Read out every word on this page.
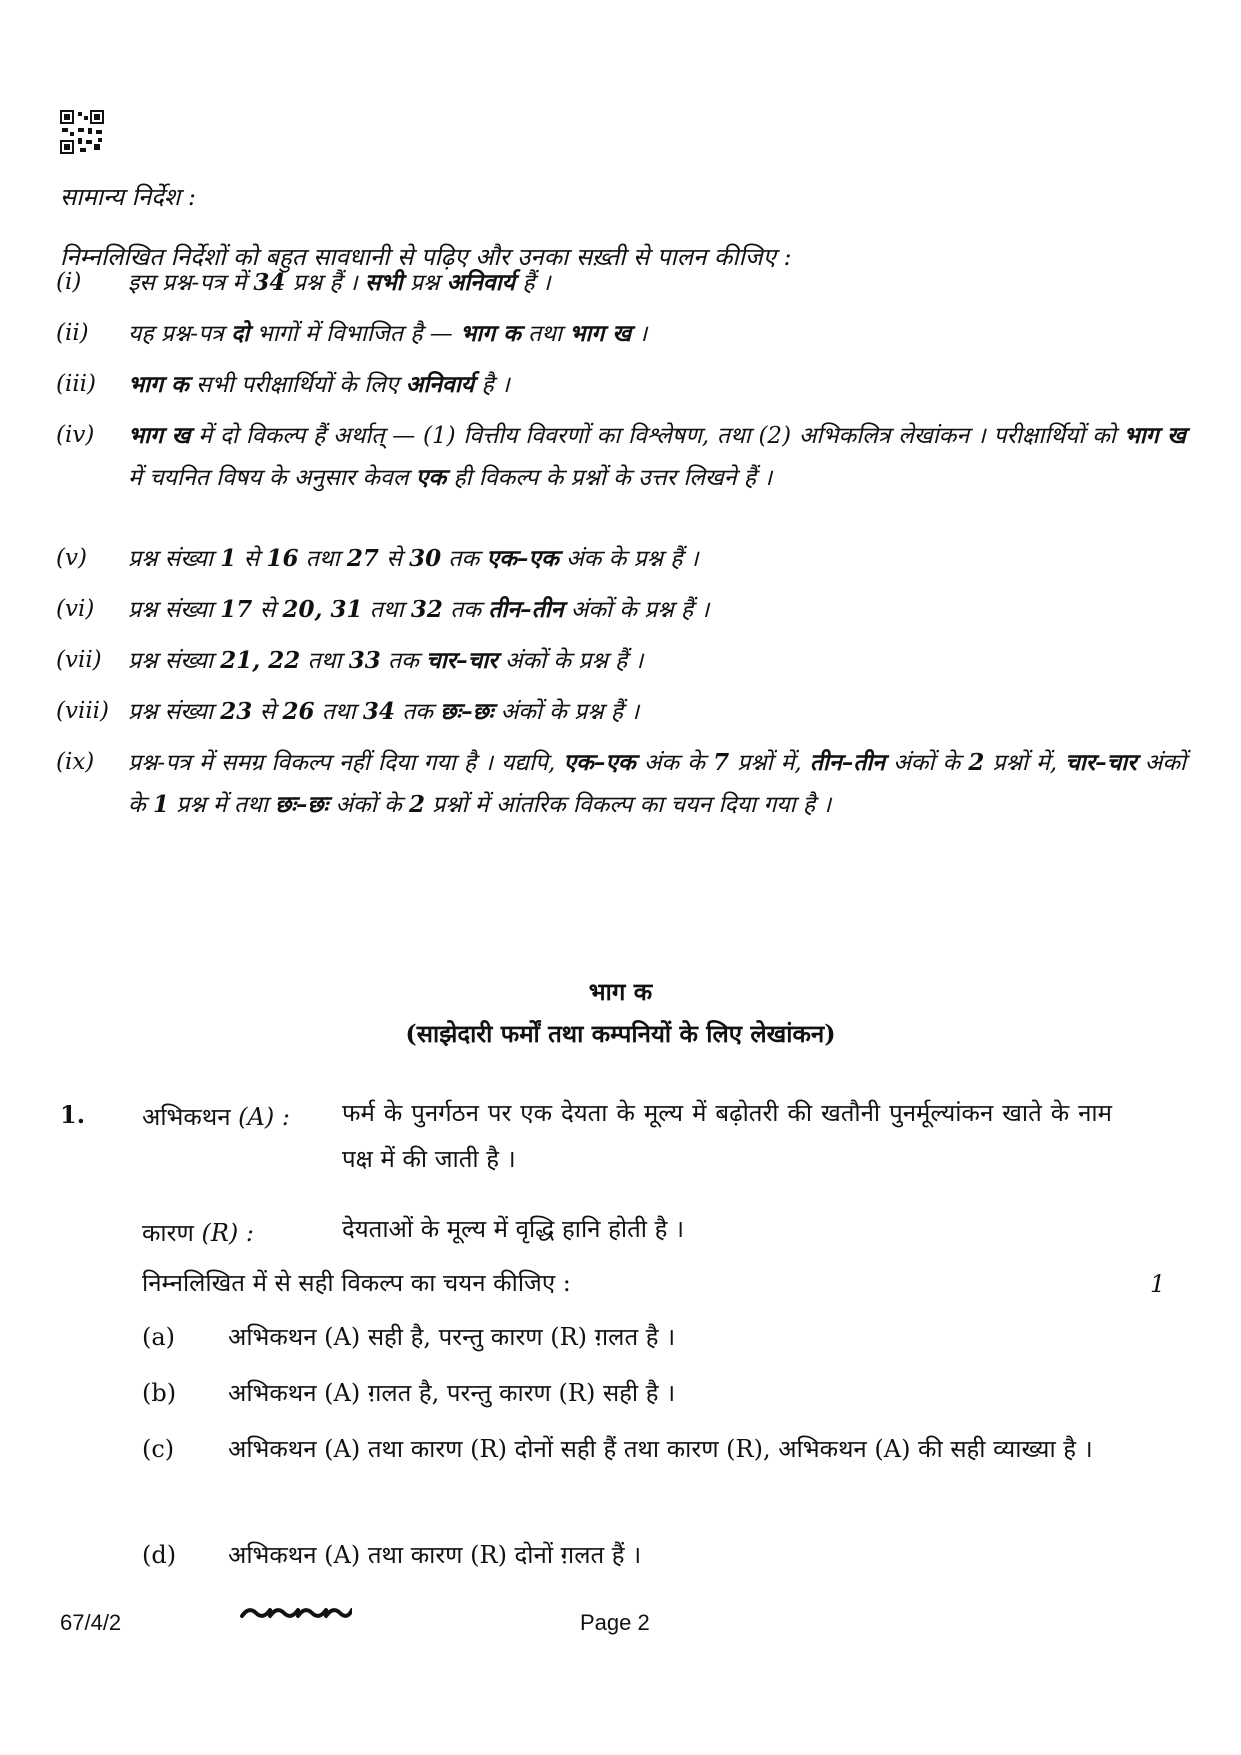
सामान्य निर्देश :
निम्नलिखित निर्देशों को बहुत सावधानी से पढ़िए और उनका सख़्ती से पालन कीजिए :
(i)	इस प्रश्न-पत्र में 34 प्रश्न हैं । सभी प्रश्न अनिवार्य हैं ।
(ii)	यह प्रश्न-पत्र दो भागों में विभाजित है — भाग क तथा भाग ख ।
(iii)	भाग क सभी परीक्षार्थियों के लिए अनिवार्य है ।
(iv)	भाग ख में दो विकल्प हैं अर्थात् — (1) वित्तीय विवरणों का विश्लेषण, तथा (2) अभिकलित्र लेखांकन । परीक्षार्थियों को भाग ख में चयनित विषय के अनुसार केवल एक ही विकल्प के प्रश्नों के उत्तर लिखने हैं ।
(v)	प्रश्न संख्या 1 से 16 तथा 27 से 30 तक एक–एक अंक के प्रश्न हैं ।
(vi)	प्रश्न संख्या 17 से 20, 31 तथा 32 तक तीन–तीन अंकों के प्रश्न हैं ।
(vii)	प्रश्न संख्या 21, 22 तथा 33 तक चार–चार अंकों के प्रश्न हैं ।
(viii) प्रश्न संख्या 23 से 26 तथा 34 तक छः–छः अंकों के प्रश्न हैं ।
(ix)	प्रश्न-पत्र में समग्र विकल्प नहीं दिया गया है । यद्यपि, एक–एक अंक के 7 प्रश्नों में, तीन–तीन अंकों के 2 प्रश्नों में, चार–चार अंकों के 1 प्रश्न में तथा छः–छः अंकों के 2 प्रश्नों में आंतरिक विकल्प का चयन दिया गया है ।
भाग क
(साझेदारी फर्मों तथा कम्पनियों के लिए लेखांकन)
1. अभिकथन (A) : फर्म के पुनर्गठन पर एक देयता के मूल्य में बढ़ोतरी की खतौनी पुनर्मूल्यांकन खाते के नाम पक्ष में की जाती है ।
कारण (R) :	देयताओं के मूल्य में वृद्धि हानि होती है ।
निम्नलिखित में से सही विकल्प का चयन कीजिए :	1
(a) अभिकथन (A) सही है, परन्तु कारण (R) ग़लत है ।
(b) अभिकथन (A) ग़लत है, परन्तु कारण (R) सही है ।
(c) अभिकथन (A) तथा कारण (R) दोनों सही हैं तथा कारण (R), अभिकथन (A) की सही व्याख्या है ।
(d) अभिकथन (A) तथा कारण (R) दोनों ग़लत हैं ।
67/4/2	Page 2
